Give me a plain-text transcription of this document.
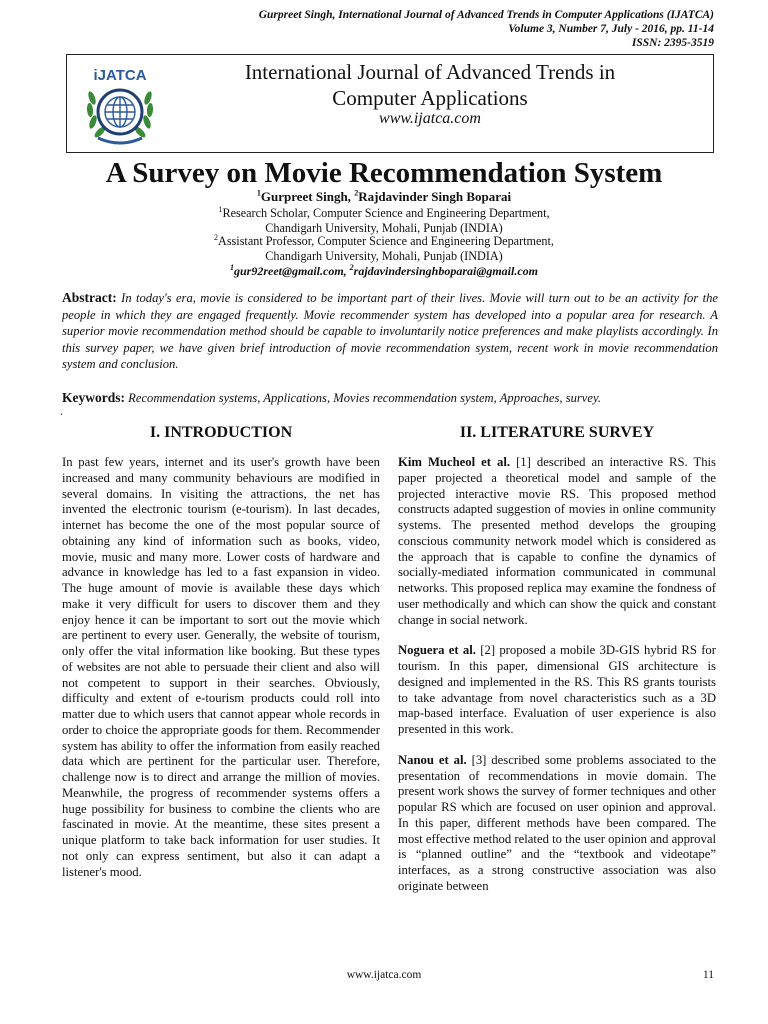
Gurpreet Singh, International Journal of Advanced Trends in Computer Applications (IJATCA)
Volume 3, Number 7, July - 2016, pp. 11-14
ISSN: 2395-3519
iJATCA	International Journal of Advanced Trends in
Computer Applications
www.ijatca.com
A Survey on Movie Recommendation System
$^1$Gurpreet Singh, $^2$Rajdavinder Singh Boparai
$^1$Research Scholar, Computer Science and Engineering Department,
Chandigarh University, Mohali, Punjab (INDIA)
$^2$Assistant Professor, Computer Science and Engineering Department,
Chandigarh University, Mohali, Punjab (INDIA)
$^1$gur92reet@gmail.com, $^2$rajdavindersinghboparai@gmail.com
Abstract: In today's era, movie is considered to be important part of their lives. Movie will turn out to be an activity for the people in which they are engaged frequently. Movie recommender system has developed into a popular area for research. A superior movie recommendation method should be capable to involuntarily notice preferences and make playlists accordingly. In this survey paper, we have given brief introduction of movie recommendation system, recent work in movie recommendation system and conclusion.
Keywords: Recommendation systems, Applications, Movies recommendation system, Approaches, survey.
.
I. INTRODUCTION	II. LITERATURE SURVEY

In past few years, internet and its user's growth have been increased and many community behaviours are modified in several domains. In visiting the attractions, the net has invented the electronic tourism (e-tourism). In last decades, internet has become the one of the most popular source of obtaining any kind of information such as books, video, movie, music and many more. Lower costs of hardware and advance in knowledge has led to a fast expansion in video. The huge amount of movie is available these days which make it very difficult for users to discover them and they enjoy hence it can be important to sort out the movie which are pertinent to every user. Generally, the website of tourism, only offer the vital information like booking. But these types of websites are not able to persuade their client and also will not competent to support in their searches. Obviously, difficulty and extent of e-tourism products could roll into matter due to which users that cannot appear whole records in order to choice the appropriate goods for them. Recommender system has ability to offer the information from easily reached data which are pertinent for the particular user. Therefore, challenge now is to direct and arrange the million of movies. Meanwhile, the progress of recommender systems offers a huge possibility for business to combine the clients who are fascinated in movie. At the meantime, these sites present a unique platform to take back information for user studies. It not only can express sentiment, but also it can adapt a listener's mood.

Kim Mucheol et al. [1] described an interactive RS. This paper projected a theoretical model and sample of the projected interactive movie RS. This proposed method constructs adapted suggestion of movies in online community systems. The presented method develops the grouping conscious community network model which is considered as the approach that is capable to confine the dynamics of socially-mediated information communicated in communal networks. This proposed replica may examine the fondness of user methodically and which can show the quick and constant change in social network.

Noguera et al. [2] proposed a mobile 3D-GIS hybrid RS for tourism. In this paper, dimensional GIS architecture is designed and implemented in the RS. This RS grants tourists to take advantage from novel characteristics such as a 3D map-based interface. Evaluation of user experience is also presented in this work.

Nanou et al. [3] described some problems associated to the presentation of recommendations in movie domain. The present work shows the survey of former techniques and other popular RS which are focused on user opinion and approval. In this paper, different methods have been compared. The most effective method related to the user opinion and approval is “planned outline” and the “textbook and videotape” interfaces, as a strong constructive association was also originate between

www.ijatca.com	11
